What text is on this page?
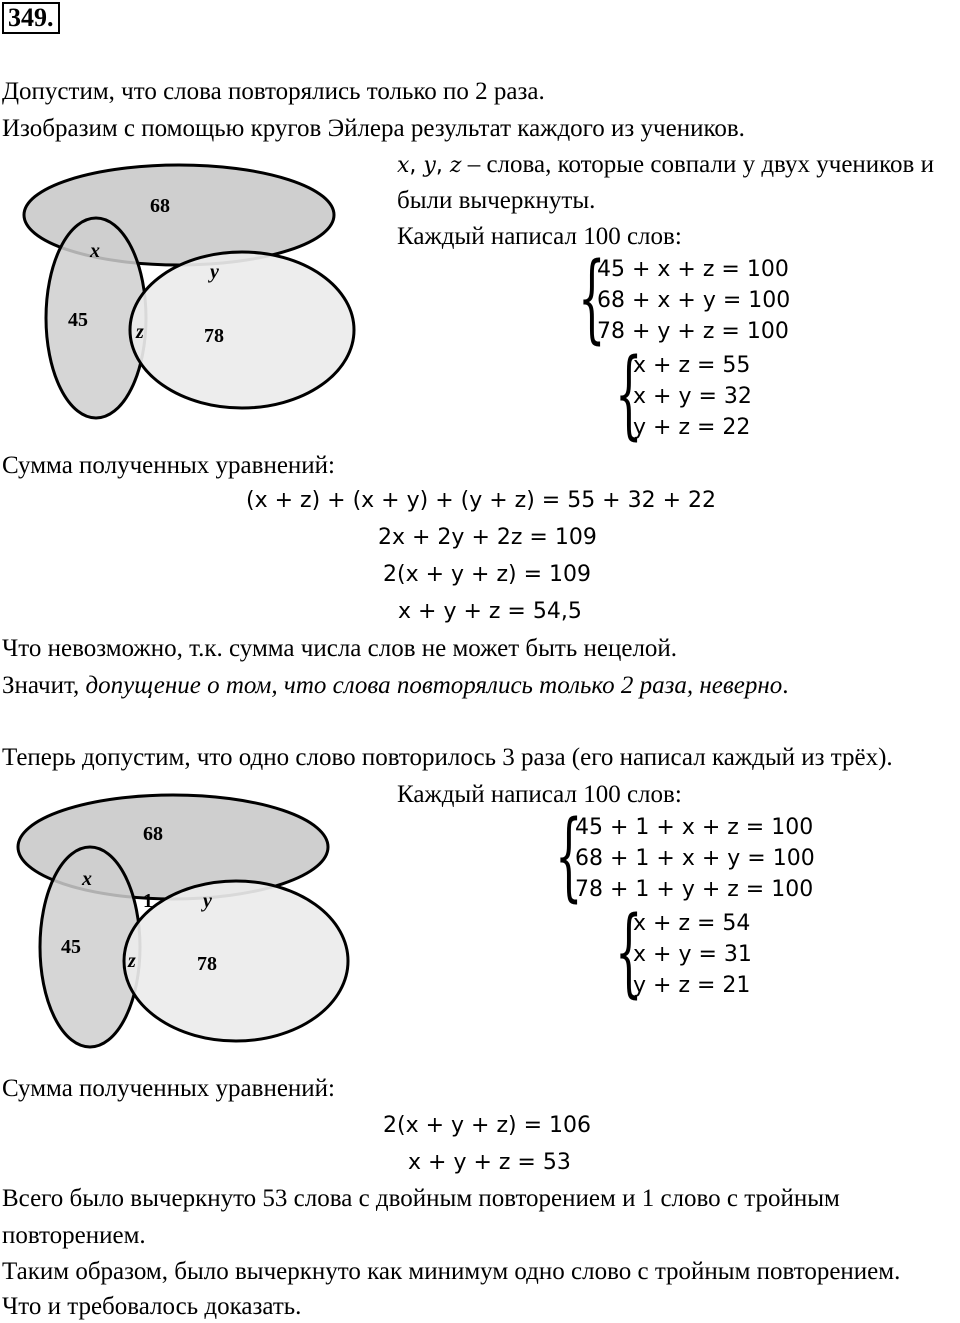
349.
Допустим, что слова повторялись только по 2 раза.
Изобразим с помощью кругов Эйлера результат каждого из учеников.
68
45
78
x
y
z
x, y, z – слова, которые совпали у двух учеников и
были вычеркнуты.
Каждый написал 100 слов:
{
45 + x + z = 100
68 + x + y = 100
78 + y + z = 100
{
x + z = 55
x + y = 32
y + z = 22
Сумма полученных уравнений:
(x + z) + (x + y) + (y + z) = 55 + 32 + 22
2x + 2y + 2z = 109
2(x + y + z) = 109
x + y + z = 54,5
Что невозможно, т.к. сумма числа слов не может быть нецелой.
Значит, допущение о том, что слова повторялись только 2 раза, неверно.
Теперь допустим, что одно слово повторилось 3 раза (его написал каждый из трёх).
68
45
78
x
y
z
1
Каждый написал 100 слов:
{
45 + 1 + x + z = 100
68 + 1 + x + y = 100
78 + 1 + y + z = 100
{
x + z = 54
x + y = 31
y + z = 21
Сумма полученных уравнений:
2(x + y + z) = 106
x + y + z = 53
Всего было вычеркнуто 53 слова с двойным повторением и 1 слово с тройным
повторением.
Таким образом, было вычеркнуто как минимум одно слово с тройным повторением.
Что и требовалось доказать.
